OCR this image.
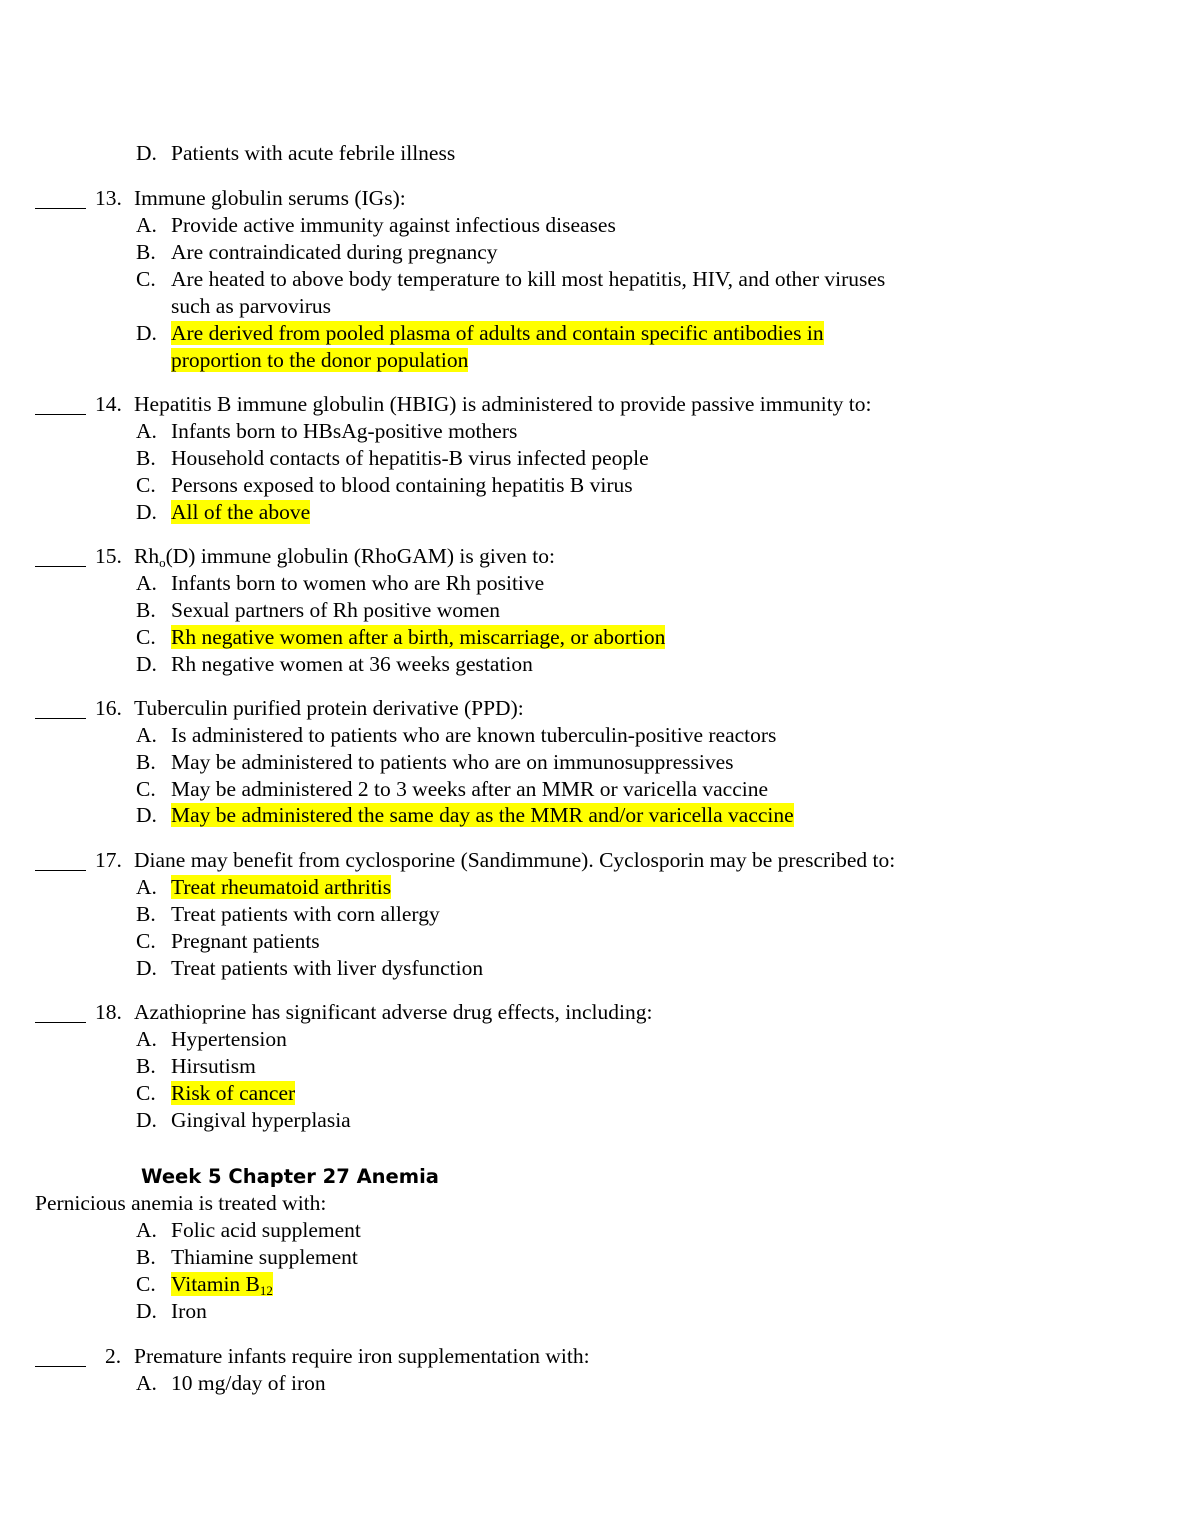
D. Patients with acute febrile illness
13. Immune globulin serums (IGs):
A. Provide active immunity against infectious diseases
B. Are contraindicated during pregnancy
C. Are heated to above body temperature to kill most hepatitis, HIV, and other viruses
such as parvovirus
D. Are derived from pooled plasma of adults and contain specific antibodies in
proportion to the donor population
14. Hepatitis B immune globulin (HBIG) is administered to provide passive immunity to:
A. Infants born to HBsAg-positive mothers
B. Household contacts of hepatitis-B virus infected people
C. Persons exposed to blood containing hepatitis B virus
D. All of the above
15. $Rh_o(D)$ immune globulin (RhoGAM) is given to:
A. Infants born to women who are Rh positive
B. Sexual partners of Rh positive women
C. Rh negative women after a birth, miscarriage, or abortion
D. Rh negative women at 36 weeks gestation
16. Tuberculin purified protein derivative (PPD):
A. Is administered to patients who are known tuberculin-positive reactors
B. May be administered to patients who are on immunosuppressives
C. May be administered 2 to 3 weeks after an MMR or varicella vaccine
D. May be administered the same day as the MMR and/or varicella vaccine
17. Diane may benefit from cyclosporine (Sandimmune). Cyclosporin may be prescribed to:
A. Treat rheumatoid arthritis
B. Treat patients with corn allergy
C. Pregnant patients
D. Treat patients with liver dysfunction
18. Azathioprine has significant adverse drug effects, including:
A. Hypertension
B. Hirsutism
C. Risk of cancer
D. Gingival hyperplasia
Week 5 Chapter 27 Anemia
Pernicious anemia is treated with:
A. Folic acid supplement
B. Thiamine supplement
C. Vitamin $B_{12}$
D. Iron
2. Premature infants require iron supplementation with:
A. 10 mg/day of iron
